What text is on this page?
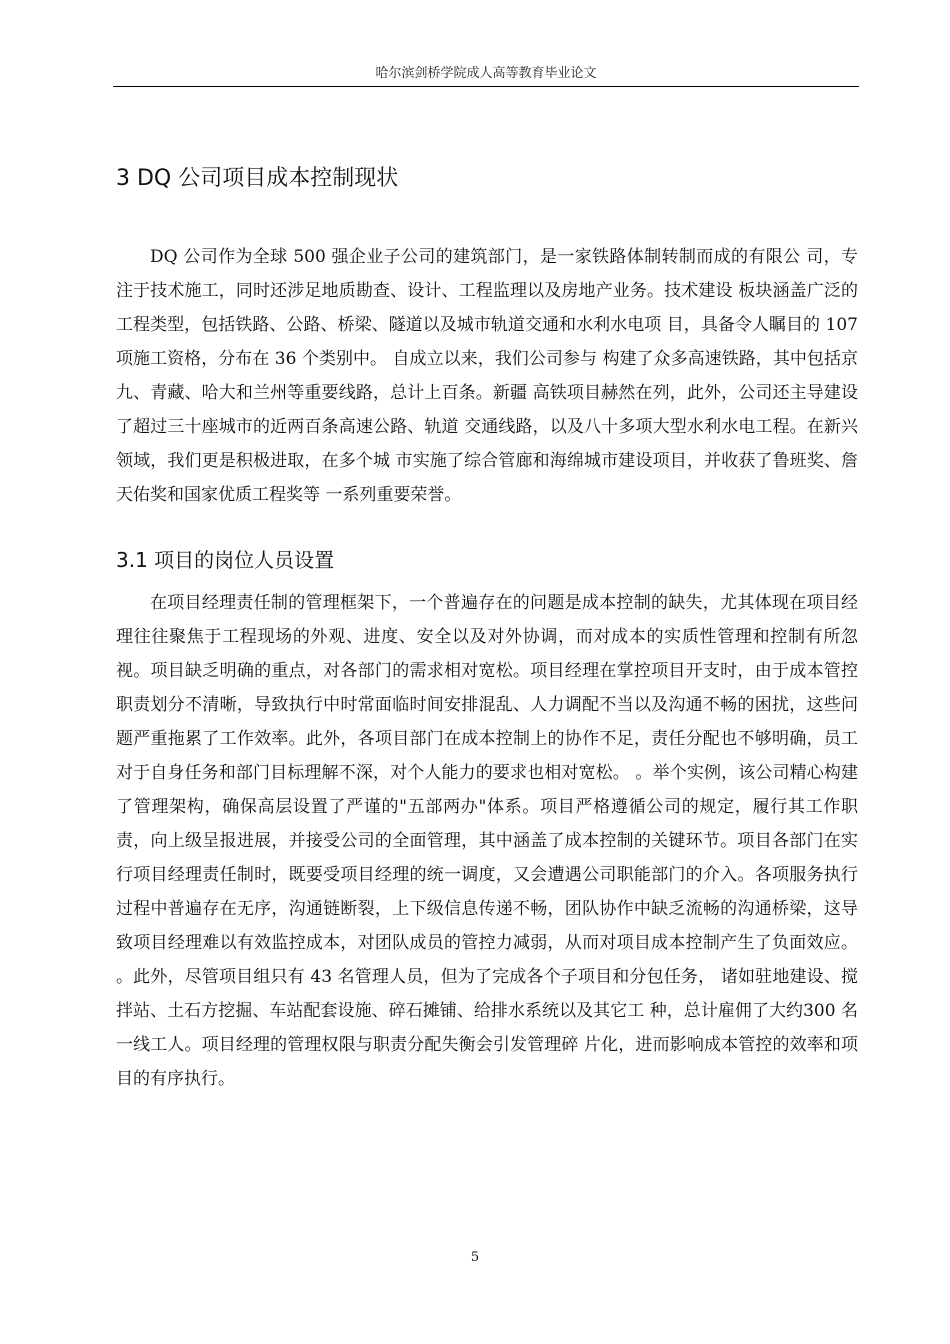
哈尔滨剑桥学院成人高等教育毕业论文
3 DQ 公司项目成本控制现状

DQ 公司作为全球 500 强企业子公司的建筑部门，是一家铁路体制转制而成的有限公 司，专注于技术施工，同时还涉足地质勘查、设计、工程监理以及房地产业务。技术建设 板块涵盖广泛的工程类型，包括铁路、公路、桥梁、隧道以及城市轨道交通和水利水电项 目，具备令人瞩目的 107 项施工资格，分布在 36 个类别中。 自成立以来，我们公司参与 构建了众多高速铁路，其中包括京九、青藏、哈大和兰州等重要线路，总计上百条。新疆 高铁项目赫然在列，此外，公司还主导建设了超过三十座城市的近两百条高速公路、轨道 交通线路，以及八十多项大型水利水电工程。在新兴领域，我们更是积极进取，在多个城 市实施了综合管廊和海绵城市建设项目，并收获了鲁班奖、詹天佑奖和国家优质工程奖等 一系列重要荣誉。

3.1 项目的岗位人员设置

在项目经理责任制的管理框架下，一个普遍存在的问题是成本控制的缺失，尤其体现在项目经理往往聚焦于工程现场的外观、进度、安全以及对外协调，而对成本的实质性管理和控制有所忽视。项目缺乏明确的重点，对各部门的需求相对宽松。项目经理在掌控项目开支时，由于成本管控职责划分不清晰，导致执行中时常面临时间安排混乱、人力调配不当以及沟通不畅的困扰，这些问题严重拖累了工作效率。此外，各项目部门在成本控制上的协作不足，责任分配也不够明确，员工对于自身任务和部门目标理解不深，对个人能力的要求也相对宽松。 。举个实例，该公司精心构建了管理架构，确保高层设置了严谨的"五部两办"体系。项目严格遵循公司的规定，履行其工作职责，向上级呈报进展，并接受公司的全面管理，其中涵盖了成本控制的关键环节。项目各部门在实行项目经理责任制时，既要受项目经理的统一调度，又会遭遇公司职能部门的介入。各项服务执行过程中普遍存在无序，沟通链断裂，上下级信息传递不畅，团队协作中缺乏流畅的沟通桥梁，这导致项目经理难以有效监控成本，对团队成员的管控力减弱，从而对项目成本控制产生了负面效应。 。此外，尽管项目组只有 43 名管理人员，但为了完成各个子项目和分包任务， 诸如驻地建设、搅拌站、土石方挖掘、车站配套设施、碎石摊铺、给排水系统以及其它工 种，总计雇佣了大约300 名一线工人。项目经理的管理权限与职责分配失衡会引发管理碎 片化，进而影响成本管控的效率和项目的有序执行。

5
